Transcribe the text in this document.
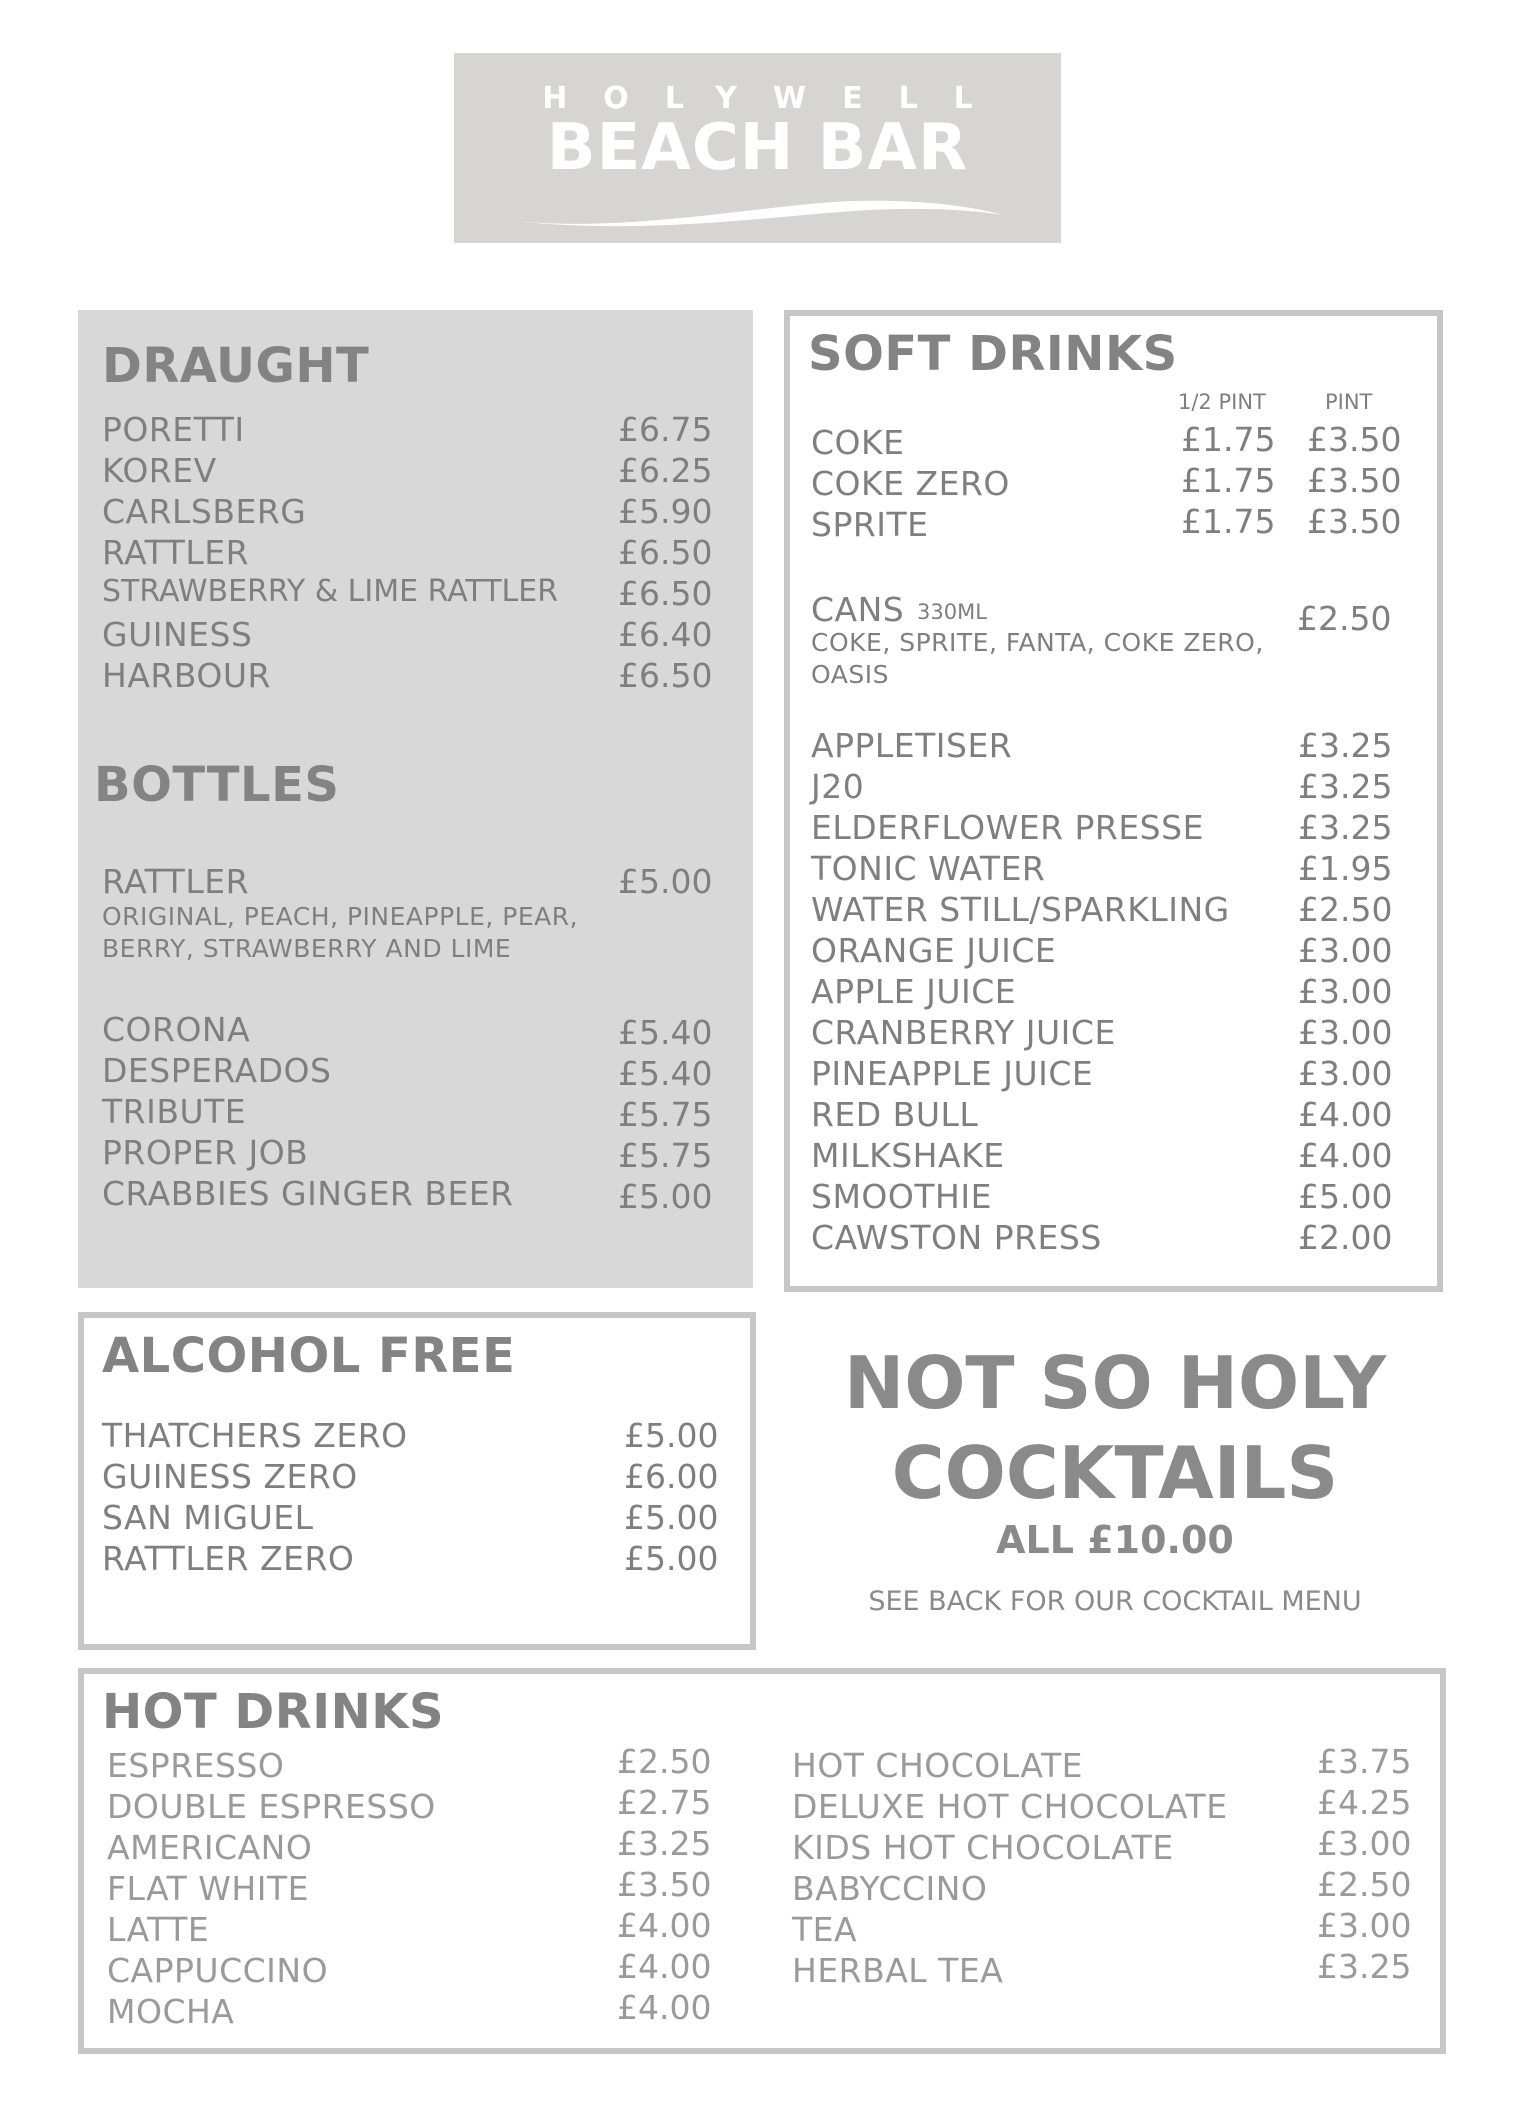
HOLYWELL
BEACH BAR
DRAUGHT
PORETTI	£6.75
KOREV	£6.25
CARLSBERG	£5.90
RATTLER	£6.50
STRAWBERRY & LIME RATTLER £6.50
GUINESS	£6.40
HARBOUR	£6.50
BOTTLES
RATTLER	£5.00
ORIGINAL, PEACH, PINEAPPLE, PEAR,
BERRY, STRAWBERRY AND LIME
CORONA	£5.40
DESPERADOS	£5.40
TRIBUTE	£5.75
PROPER JOB	£5.75
CRABBIES GINGER BEER	£5.00
SOFT DRINKS
1/2 PINT	PINT
COKE	£1.75 £3.50
COKE ZERO	£1.75 £3.50
SPRITE	£1.75 £3.50
CANS 330ML
COKE, SPRITE, FANTA, COKE ZERO,
OASIS
£2.50
APPLETISER	£3.25
J20	£3.25
ELDERFLOWER PRESSE	£3.25
TONIC WATER	£1.95
WATER STILL/SPARKLING £2.50
ORANGE JUICE	£3.00
APPLE JUICE	£3.00
CRANBERRY JUICE	£3.00
PINEAPPLE JUICE	£3.00
RED BULL	£4.00
MILKSHAKE	£4.00
SMOOTHIE	£5.00
CAWSTON PRESS	£2.00
ALCOHOL FREE
THATCHERS ZERO	£5.00
GUINESS ZERO	£6.00
SAN MIGUEL	£5.00
RATTLER ZERO	£5.00
NOT SO HOLY
COCKTAILS
ALL £10.00
SEE BACK FOR OUR COCKTAIL MENU
HOT DRINKS
ESPRESSO	£2.50
DOUBLE ESPRESSO	£2.75
AMERICANO	£3.25
FLAT WHITE	£3.50
LATTE	£4.00
CAPPUCCINO	£4.00
MOCHA	£4.00
HOT CHOCOLATE	£3.75
DELUXE HOT CHOCOLATE	£4.25
KIDS HOT CHOCOLATE	£3.00
BABYCCINO	£2.50
TEA	£3.00
HERBAL TEA	£3.25
